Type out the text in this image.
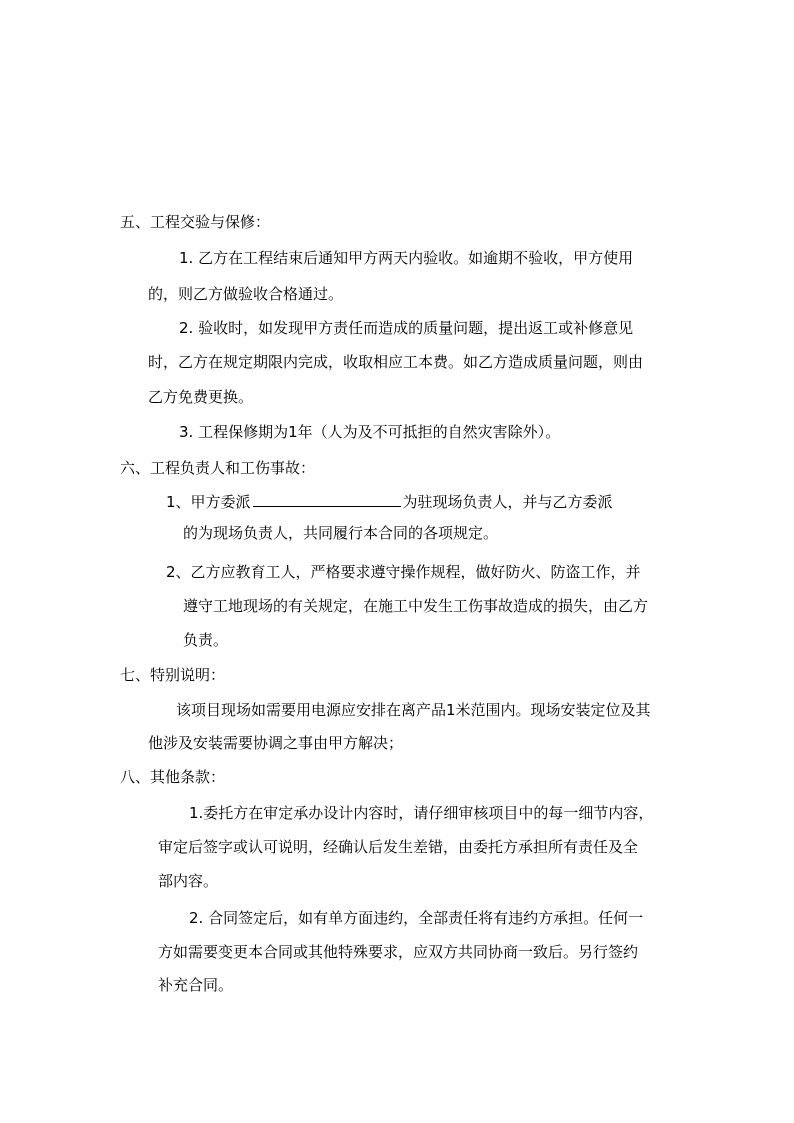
五、工程交验与保修：
1. 乙方在工程结束后通知甲方两天内验收。如逾期不验收，甲方使用
的，则乙方做验收合格通过。
2. 验收时，如发现甲方责任而造成的质量问题，提出返工或补修意见
时，乙方在规定期限内完成，收取相应工本费。如乙方造成质量问题，则由
乙方免费更换。
3. 工程保修期为1年（人为及不可抵拒的自然灾害除外）。
六、工程负责人和工伤事故：
1、甲方委派	为驻现场负责人，并与乙方委派
的为现场负责人，共同履行本合同的各项规定。
2、乙方应教育工人，严格要求遵守操作规程，做好防火、防盗工作，并
遵守工地现场的有关规定，在施工中发生工伤事故造成的损失，由乙方
负责。
七、特别说明：
该项目现场如需要用电源应安排在离产品1米范围内。现场安装定位及其
他涉及安装需要协调之事由甲方解决；
八、其他条款：
1.委托方在审定承办设计内容时，请仔细审核项目中的每一细节内容，
审定后签字或认可说明，经确认后发生差错，由委托方承担所有责任及全
部内容。
2. 合同签定后，如有单方面违约，全部责任将有违约方承担。任何一
方如需要变更本合同或其他特殊要求，应双方共同协商一致后。另行签约
补充合同。
